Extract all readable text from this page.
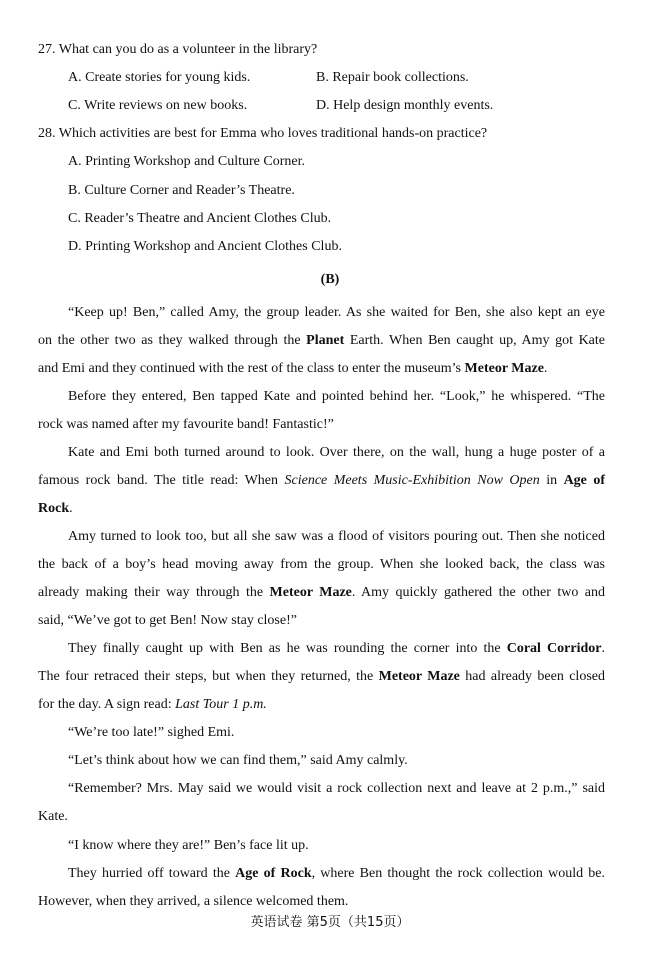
27. What can you do as a volunteer in the library?
A. Create stories for young kids.	B. Repair book collections.
C. Write reviews on new books.	D. Help design monthly events.
28. Which activities are best for Emma who loves traditional hands-on practice?
A. Printing Workshop and Culture Corner.
B. Culture Corner and Reader’s Theatre.
C. Reader’s Theatre and Ancient Clothes Club.
D. Printing Workshop and Ancient Clothes Club.
(B)
“Keep up! Ben,” called Amy, the group leader. As she waited for Ben, she also kept an eye
on the other two as they walked through the Planet Earth. When Ben caught up, Amy got Kate
and Emi and they continued with the rest of the class to enter the museum’s Meteor Maze.
Before they entered, Ben tapped Kate and pointed behind her. “Look,” he whispered. “The
rock was named after my favourite band! Fantastic!”
Kate and Emi both turned around to look. Over there, on the wall, hung a huge poster of a
famous rock band. The title read: When Science Meets Music-Exhibition Now Open in Age of
Rock.
Amy turned to look too, but all she saw was a flood of visitors pouring out. Then she noticed
the back of a boy’s head moving away from the group. When she looked back, the class was
already making their way through the Meteor Maze. Amy quickly gathered the other two and
said, “We’ve got to get Ben! Now stay close!”
They finally caught up with Ben as he was rounding the corner into the Coral Corridor.
The four retraced their steps, but when they returned, the Meteor Maze had already been closed
for the day. A sign read: Last Tour 1 p.m.
“We’re too late!” sighed Emi.
“Let’s think about how we can find them,” said Amy calmly.
“Remember? Mrs. May said we would visit a rock collection next and leave at 2 p.m.,” said
Kate.
“I know where they are!” Ben’s face lit up.
They hurried off toward the Age of Rock, where Ben thought the rock collection would be.
However, when they arrived, a silence welcomed them.
英语试卷 第5页（共15页）
